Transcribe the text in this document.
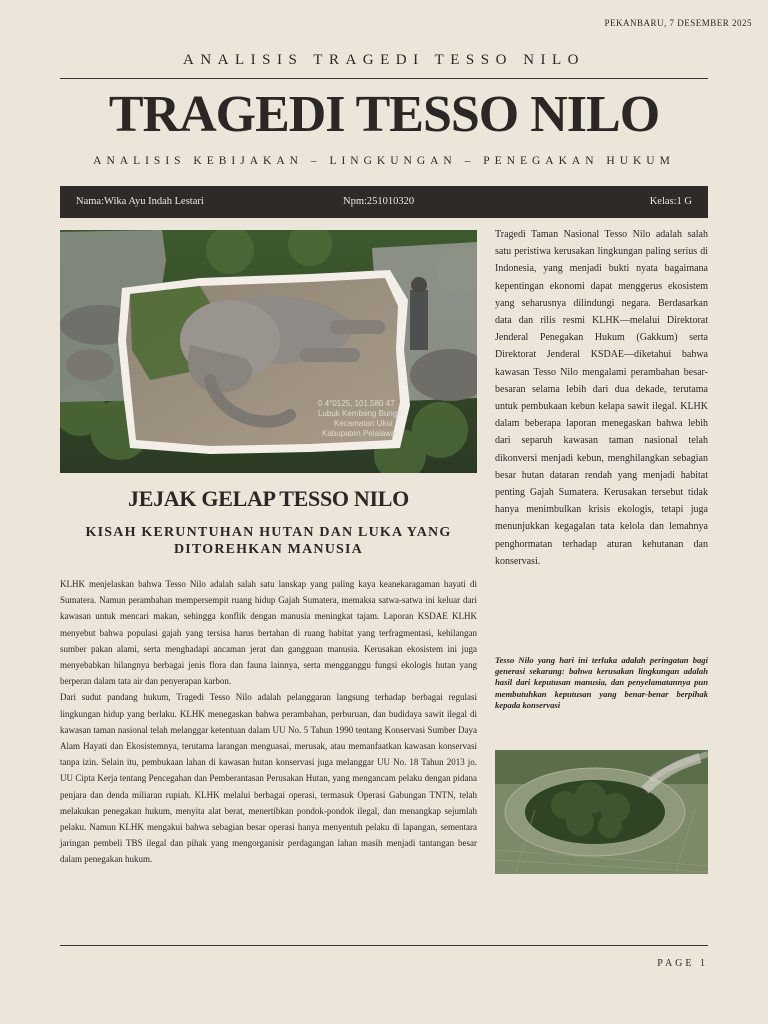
PEKANBARU, 7 DESEMBER 2025
ANALISIS TRAGEDI TESSO NILO
TRAGEDI TESSO NILO
ANALISIS KEBIJAKAN – LINGKUNGAN – PENEGAKAN HUKUM
Nama:Wika Ayu Indah Lestari	Npm:251010320	Kelas:1 G
0 4°0125, 101.580 47
Lubuk Kembang Bunga
Kecamatan Ukui
Kabupaten Pelalawan
JEJAK GELAP TESSO NILO
KISAH KERUNTUHAN HUTAN DAN LUKA YANG DITOREHKAN MANUSIA

KLHK menjelaskan bahwa Tesso Nilo adalah salah satu lanskap yang paling kaya keanekaragaman hayati di Sumatera. Namun perambahan mempersempit ruang hidup Gajah Sumatera, memaksa satwa-satwa ini keluar dari kawasan untuk mencari makan, sehingga konflik dengan manusia meningkat tajam. Laporan KSDAE KLHK menyebut bahwa populasi gajah yang tersisa harus bertahan di ruang habitat yang terfragmentasi, kehilangan sumber pakan alami, serta menghadapi ancaman jerat dan gangguan manusia. Kerusakan ekosistem ini juga menyebabkan hilangnya berbagai jenis flora dan fauna lainnya, serta mengganggu fungsi ekologis hutan yang berperan dalam tata air dan penyerapan karbon.

Dari sudut pandang hukum, Tragedi Tesso Nilo adalah pelanggaran langsung terhadap berbagai regulasi lingkungan hidup yang berlaku. KLHK menegaskan bahwa perambahan, perburuan, dan budidaya sawit ilegal di kawasan taman nasional telah melanggar ketentuan dalam UU No. 5 Tahun 1990 tentang Konservasi Sumber Daya Alam Hayati dan Ekosistemnya, terutama larangan menguasai, merusak, atau memanfaatkan kawasan konservasi tanpa izin. Selain itu, pembukaan lahan di kawasan hutan konservasi juga melanggar UU No. 18 Tahun 2013 jo. UU Cipta Kerja tentang Pencegahan dan Pemberantasan Perusakan Hutan, yang mengancam pelaku dengan pidana penjara dan denda miliaran rupiah. KLHK melalui berbagai operasi, termasuk Operasi Gabungan TNTN, telah melakukan penegakan hukum, menyita alat berat, menertibkan pondok-pondok ilegal, dan menangkap sejumlah pelaku. Namun KLHK mengakui bahwa sebagian besar operasi hanya menyentuh pelaku di lapangan, sementara jaringan pembeli TBS ilegal dan pihak yang mengorganisir perdagangan lahan masih menjadi tantangan besar dalam penegakan hukum.

Tragedi Taman Nasional Tesso Nilo adalah salah satu peristiwa kerusakan lingkungan paling serius di Indonesia, yang menjadi bukti nyata bagaimana kepentingan ekonomi dapat menggerus ekosistem yang seharusnya dilindungi negara. Berdasarkan data dan rilis resmi KLHK—melalui Direktorat Jenderal Penegakan Hukum (Gakkum) serta Direktorat Jenderal KSDAE—diketahui bahwa kawasan Tesso Nilo mengalami perambahan besar-besaran selama lebih dari dua dekade, terutama untuk pembukaan kebun kelapa sawit ilegal. KLHK dalam beberapa laporan menegaskan bahwa lebih dari separuh kawasan taman nasional telah dikonversi menjadi kebun, menghilangkan sebagian besar hutan dataran rendah yang menjadi habitat penting Gajah Sumatera. Kerusakan tersebut tidak hanya menimbulkan krisis ekologis, tetapi juga menunjukkan kegagalan tata kelola dan lemahnya penghormatan terhadap aturan kehutanan dan konservasi.

Tesso Nilo yang hari ini terluka adalah peringatan bagi generasi sekarang: bahwa kerusakan lingkungan adalah hasil dari keputusan manusia, dan penyelamatannya pun membutuhkan keputusan yang benar-benar berpihak kepada konservasi
PAGE 1
